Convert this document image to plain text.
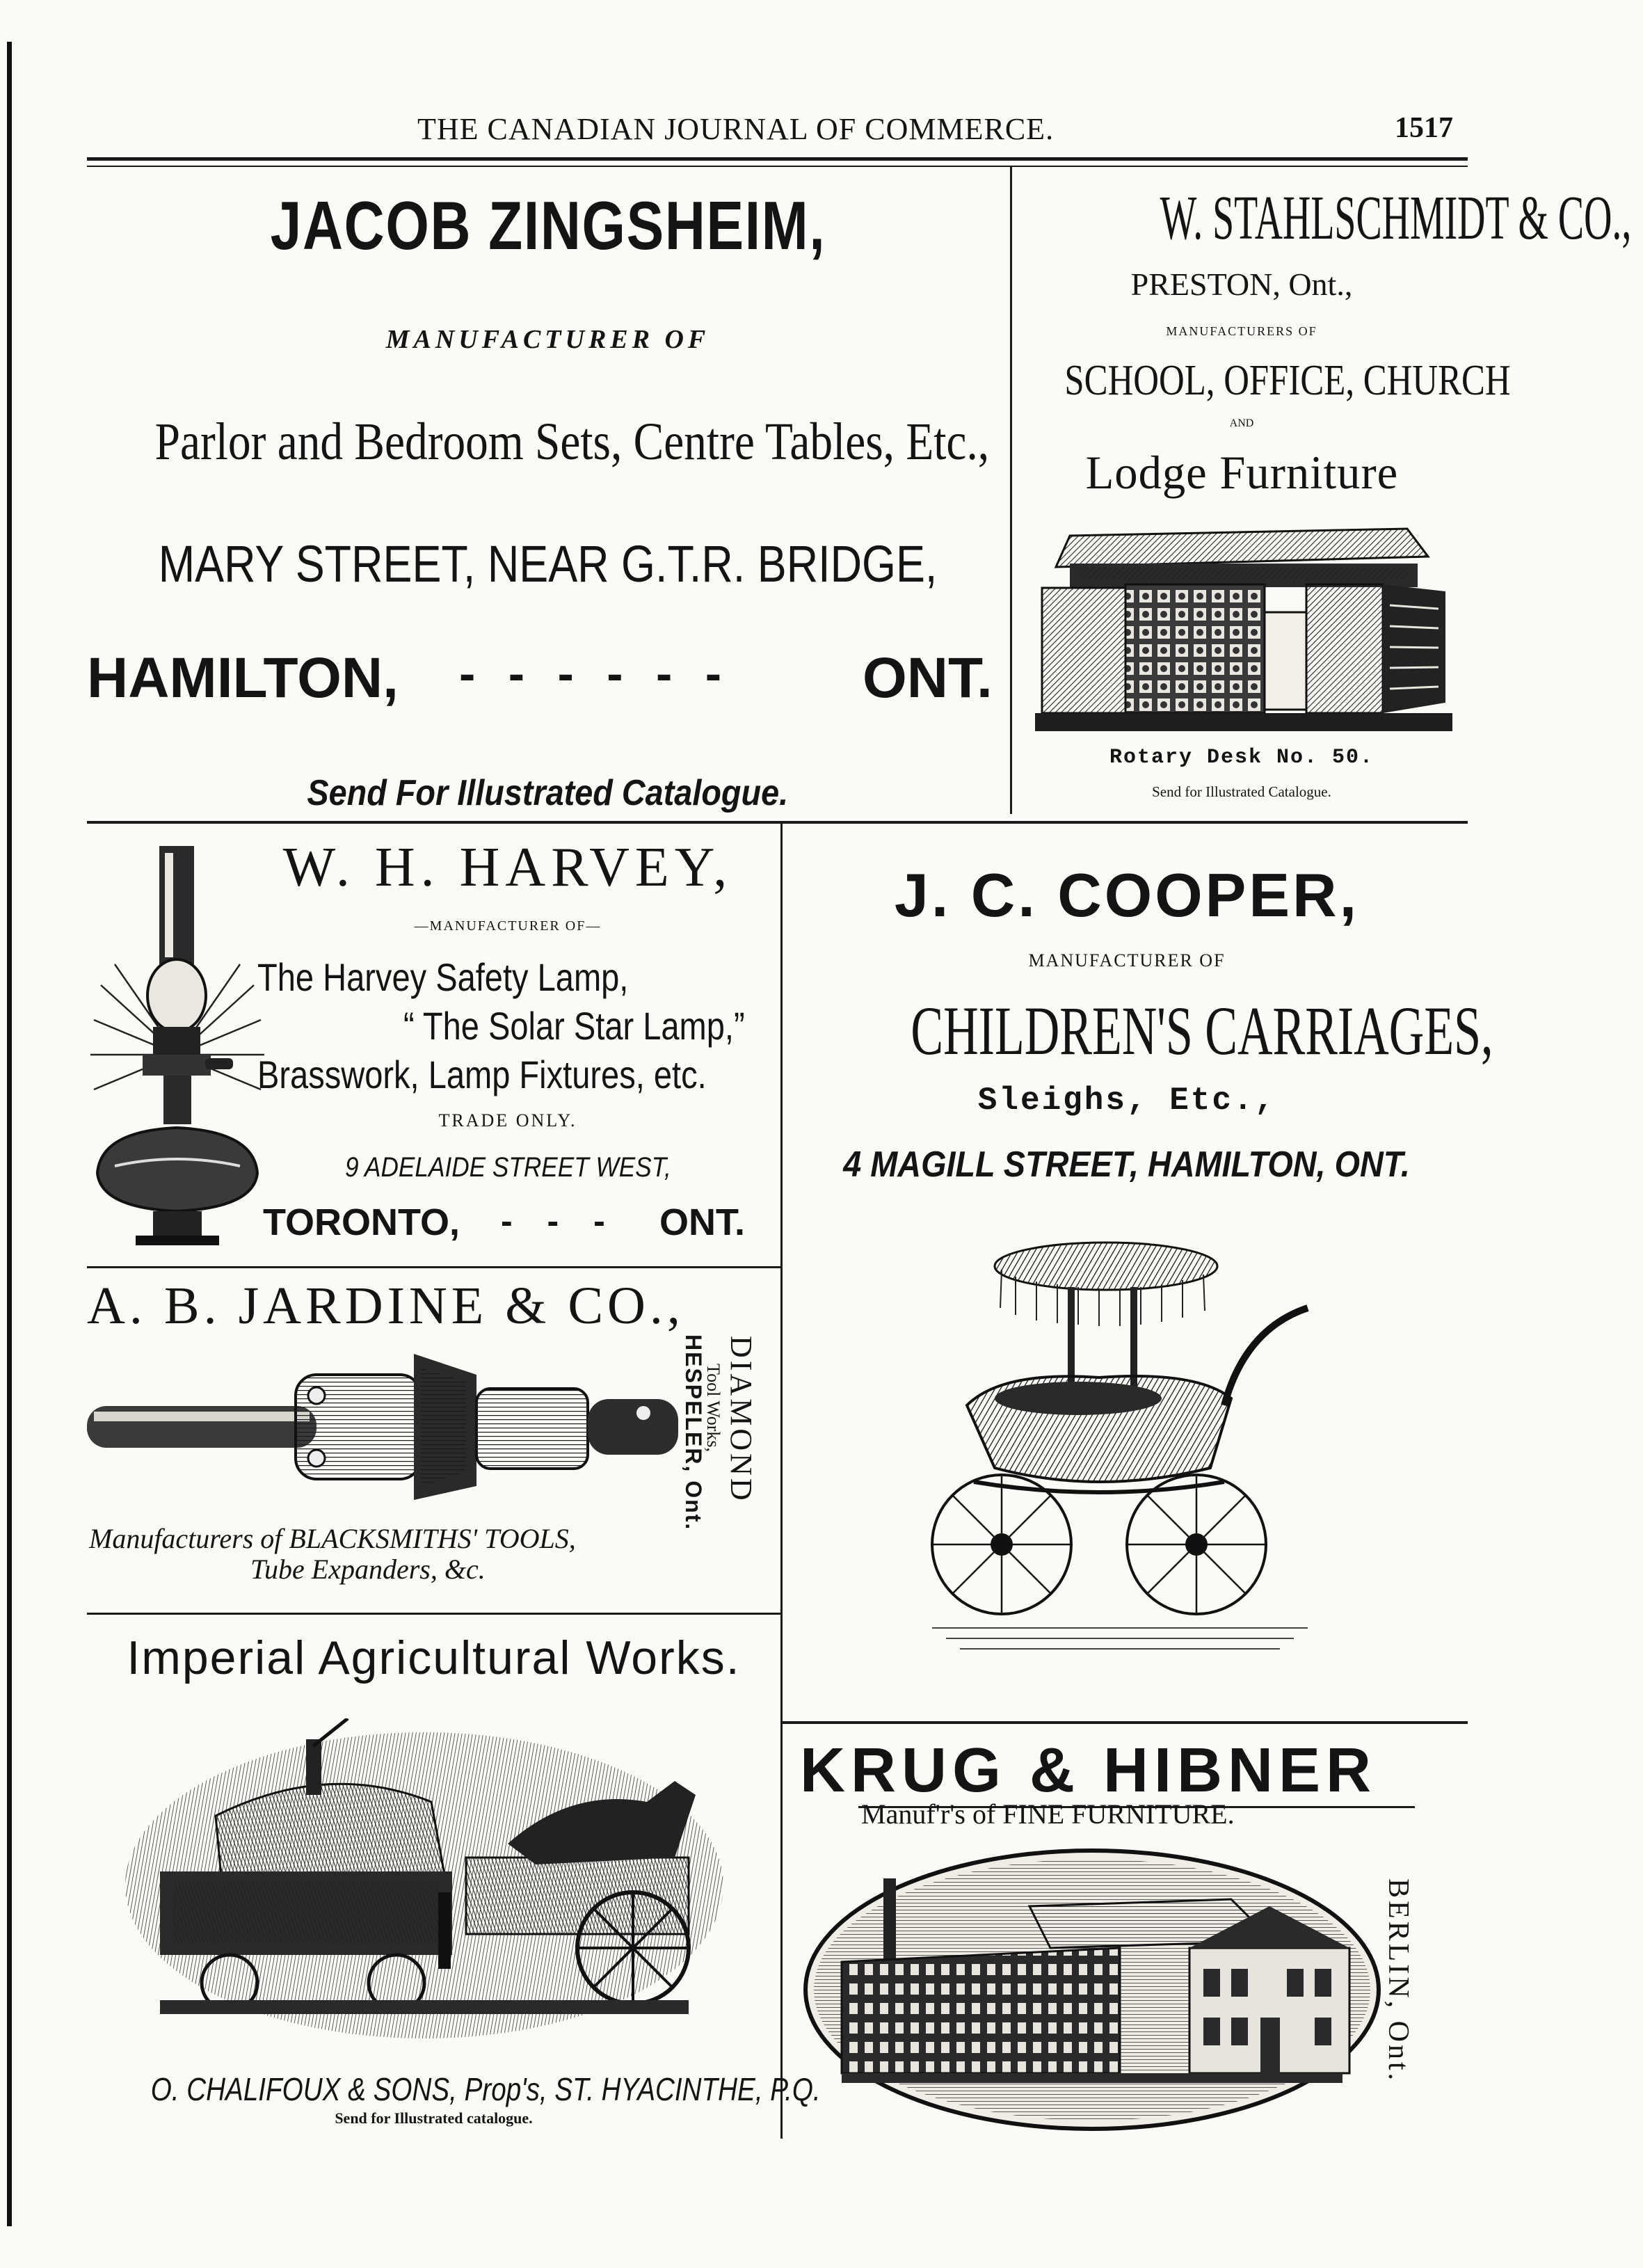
THE CANADIAN JOURNAL OF COMMERCE.	1517
JACOB ZINGSHEIM,
MANUFACTURER OF
Parlor and Bedroom Sets, Centre Tables, Etc.,
MARY STREET, NEAR G.T.R. BRIDGE,
HAMILTON, - - - - - - ONT.
Send For Illustrated Catalogue.
W. STAHLSCHMIDT & CO.,
PRESTON, Ont.,
MANUFACTURERS OF
SCHOOL, OFFICE, CHURCH
AND
Lodge Furniture
Rotary Desk No. 50.
Send for Illustrated Catalogue.
W. H. HARVEY,
—MANUFACTURER OF—
The Harvey Safety Lamp,
“ The Solar Star Lamp,”
Brasswork, Lamp Fixtures, etc.
TRADE ONLY.
9 ADELAIDE STREET WEST,
TORONTO, - - - ONT.
J. C. COOPER,
MANUFACTURER OF
CHILDREN'S CARRIAGES,
Sleighs, Etc.,
4 MAGILL STREET, HAMILTON, ONT.
A. B. JARDINE & CO.,
Manufacturers of BLACKSMITHS' TOOLS,
Tube Expanders, &c.
DIAMOND
Tool Works,
HESPELER, Ont.
Imperial Agricultural Works.
O. CHALIFOUX & SONS, Prop's, ST. HYACINTHE, P.Q.
Send for Illustrated catalogue.
KRUG & HIBNER
Manuf'r's of FINE FURNITURE.
BERLIN, Ont.
